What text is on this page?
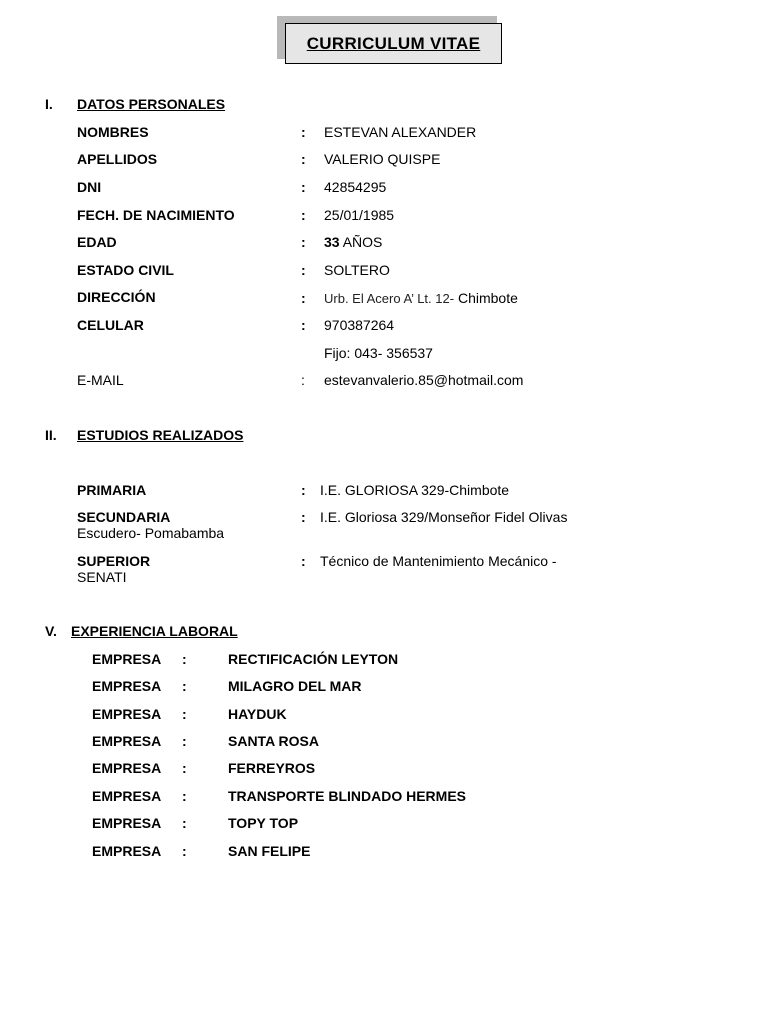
CURRICULUM VITAE
I. DATOS PERSONALES
NOMBRES	: ESTEVAN ALEXANDER
APELLIDOS	: VALERIO QUISPE
DNI	: 42854295
FECH. DE NACIMIENTO	: 25/01/1985
EDAD	: 33 AÑOS
ESTADO CIVIL	: SOLTERO
DIRECCIÓN	: Urb. El Acero A’ Lt. 12- Chimbote
CELULAR	: 970387264
Fijo: 043- 356537
E-MAIL	: estevanvalerio.85@hotmail.com
II. ESTUDIOS REALIZADOS
PRIMARIA	: I.E. GLORIOSA 329-Chimbote
SECUNDARIA	: I.E. Gloriosa 329/Monseñor Fidel Olivas
Escudero- Pomabamba
SUPERIOR	: Técnico de Mantenimiento Mecánico -
SENATI
V. EXPERIENCIA LABORAL
EMPRESA :	RECTIFICACIÓN LEYTON
EMPRESA :	MILAGRO DEL MAR
EMPRESA :	HAYDUK
EMPRESA :	SANTA ROSA
EMPRESA :	FERREYROS
EMPRESA :	TRANSPORTE BLINDADO HERMES
EMPRESA :	TOPY TOP
EMPRESA :	SAN FELIPE
